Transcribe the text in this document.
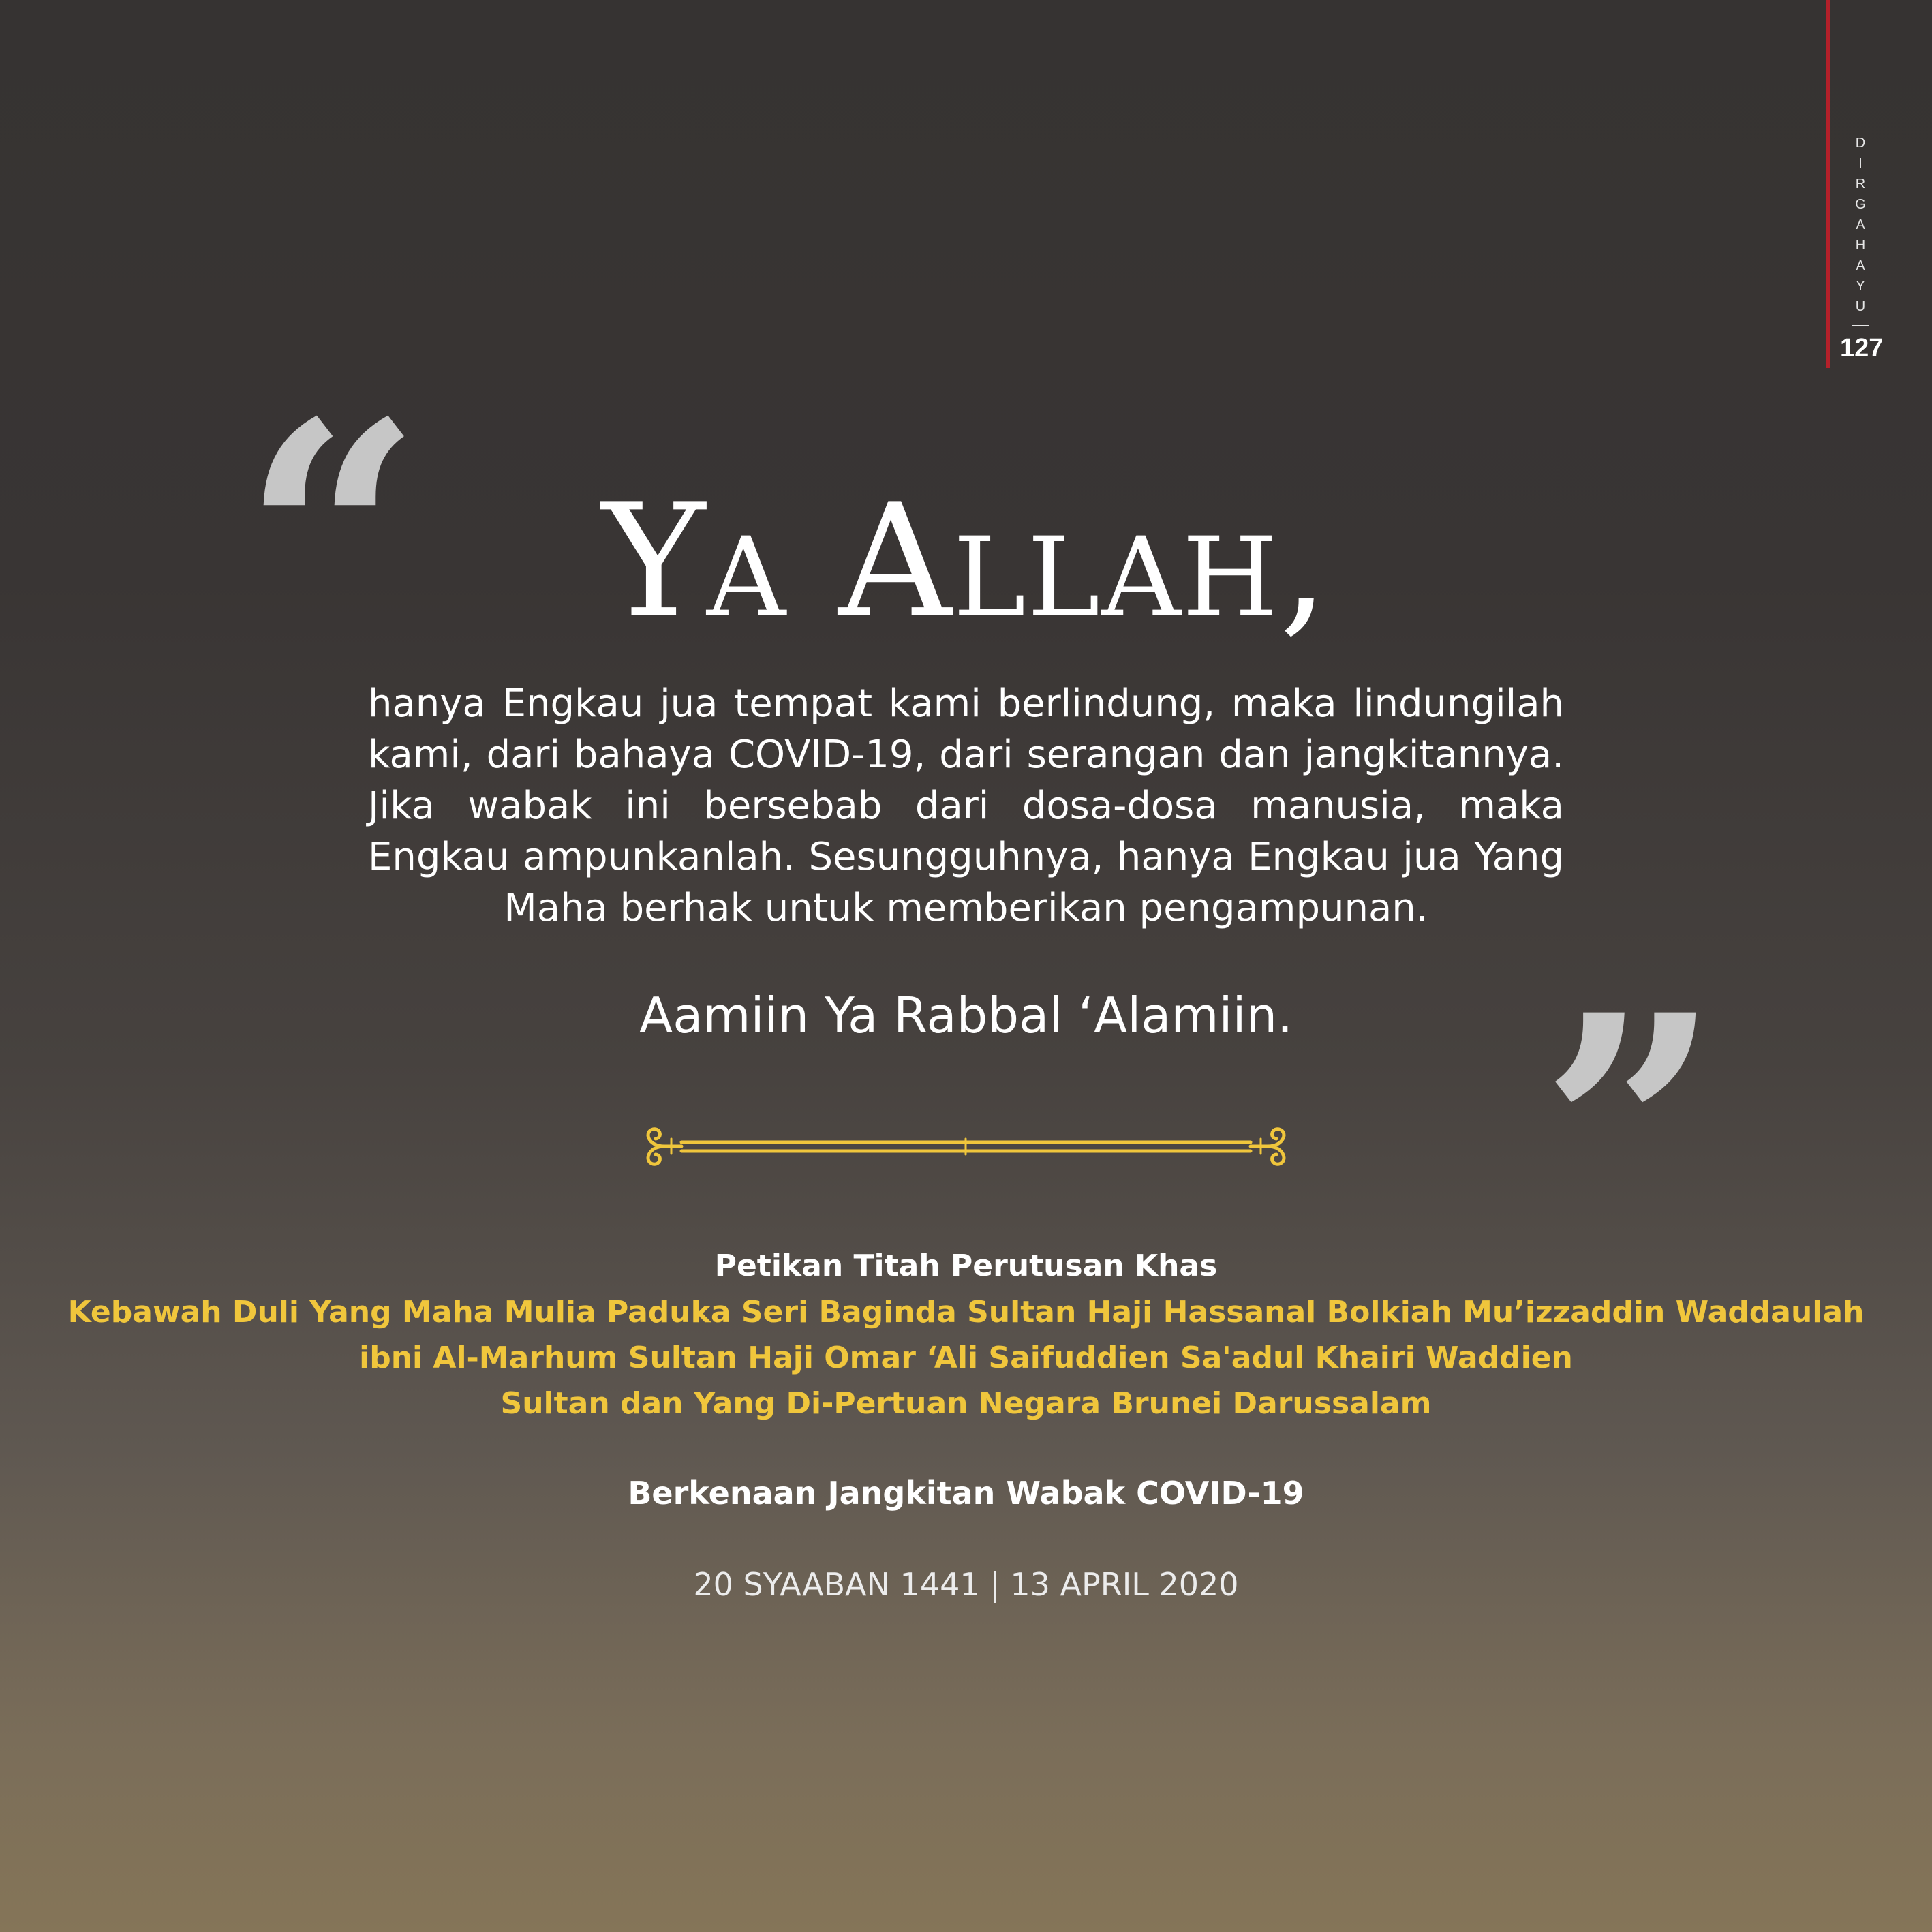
D
I
R
G
A
H
A
Y
U
127
“	Ya Allah,
hanya Engkau jua tempat kami berlindung, maka lindungilah kami, dari bahaya COVID-19, dari serangan dan jangkitannya. Jika wabak ini bersebab dari dosa-dosa manusia, maka Engkau ampunkanlah. Sesungguhnya, hanya Engkau jua Yang Maha berhak untuk memberikan pengampunan.
Aamiin Ya Rabbal ‘Alamiin. ”
Petikan Titah Perutusan Khas
Kebawah Duli Yang Maha Mulia Paduka Seri Baginda Sultan Haji Hassanal Bolkiah Mu’izzaddin Waddaulah
ibni Al-Marhum Sultan Haji Omar ‘Ali Saifuddien Sa'adul Khairi Waddien
Sultan dan Yang Di-Pertuan Negara Brunei Darussalam
Berkenaan Jangkitan Wabak COVID-19
20 SYAABAN 1441 | 13 APRIL 2020
